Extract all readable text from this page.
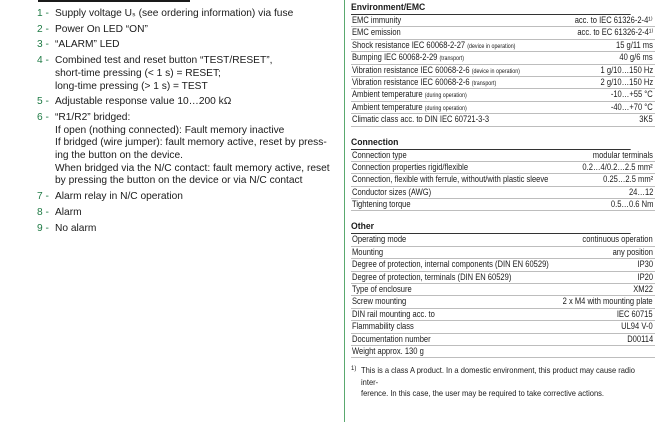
1 - Supply voltage Uₛ (see ordering information) via fuse
2 - Power On LED “ON”
3 - “ALARM” LED
4 - Combined test and reset button “TEST/RESET”,
short-time pressing (< 1 s) = RESET;
long-time pressing (> 1 s) = TEST
5 - Adjustable response value 10…200 kΩ
6 - “R1/R2” bridged:
If open (nothing connected): Fault memory inactive
If bridged (wire jumper): fault memory active, reset by press-
ing the button on the device.
When bridged via the N/C contact: fault memory active, reset
by pressing the button on the device or via N/C contact
7 - Alarm relay in N/C operation
8 - Alarm
9 - No alarm
Environment/EMC
EMC immunity	acc. to IEC 61326-2-4¹⁾
EMC emission	acc. to EC 61326-2-4¹⁾
Shock resistance IEC 60068-2-27 (device in operation)	15 g/11 ms
Bumping IEC 60068-2-29 (transport)	40 g/6 ms
Vibration resistance IEC 60068-2-6 (device in operation)	1 g/10…150 Hz
Vibration resistance IEC 60068-2-6 (transport)	2 g/10…150 Hz
Ambient temperature (during operation)	-10…+55 °C
Ambient temperature (during operation)	-40…+70 °C
Climatic class acc. to DIN IEC 60721-3-3	3K5
Connection
Connection type	modular terminals
Connection properties rigid/flexible	0.2…4/0.2…2.5 mm²
Connection, flexible with ferrule, without/with plastic sleeve	0.25…2.5 mm²
Conductor sizes (AWG)	24…12
Tightening torque	0.5…0.6 Nm
Other
Operating mode	continuous operation
Mounting	any position
Degree of protection, internal components (DIN EN 60529)	IP30
Degree of protection, terminals (DIN EN 60529)	IP20
Type of enclosure	XM22
Screw mounting	2 x M4 with mounting plate
DIN rail mounting acc. to	IEC 60715
Flammability class	UL94 V-0
Documentation number	D00114
Weight approx. 130 g
1) This is a class A product. In a domestic environment, this product may cause radio inter-
ference. In this case, the user may be required to take corrective actions.
